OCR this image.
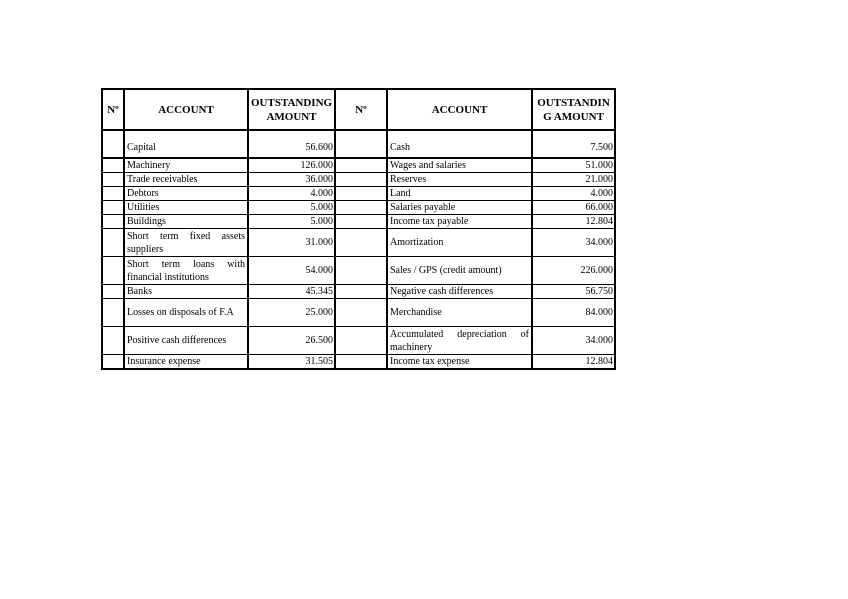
Nº	ACCOUNT	OUTSTANDING AMOUNT	Nº	ACCOUNT	OUTSTANDIN G AMOUNT

	Capital	56.600		Cash	7.500
	Machinery	126.000		Wages and salaries	51.000
	Trade receivables	36.000		Reserves	21.000
	Debtors	4.000		Land	4.000
	Utilities	5.000		Salaries payable	66.000
	Buildings	5.000		Income tax payable	12.804
	Short term fixed assets suppliers	31.000		Amortization	34.000
	Short term loans with financial institutions	54.000		Sales / GPS (credit amount)	226.000
	Banks	45.345		Negative cash differences	56.750
	Losses on disposals of F.A	25.000		Merchandise	84.000
	Positive cash differences	26.500		Accumulated depreciation of machinery	34.000
	Insurance expense	31.505		Income tax expense	12.804
